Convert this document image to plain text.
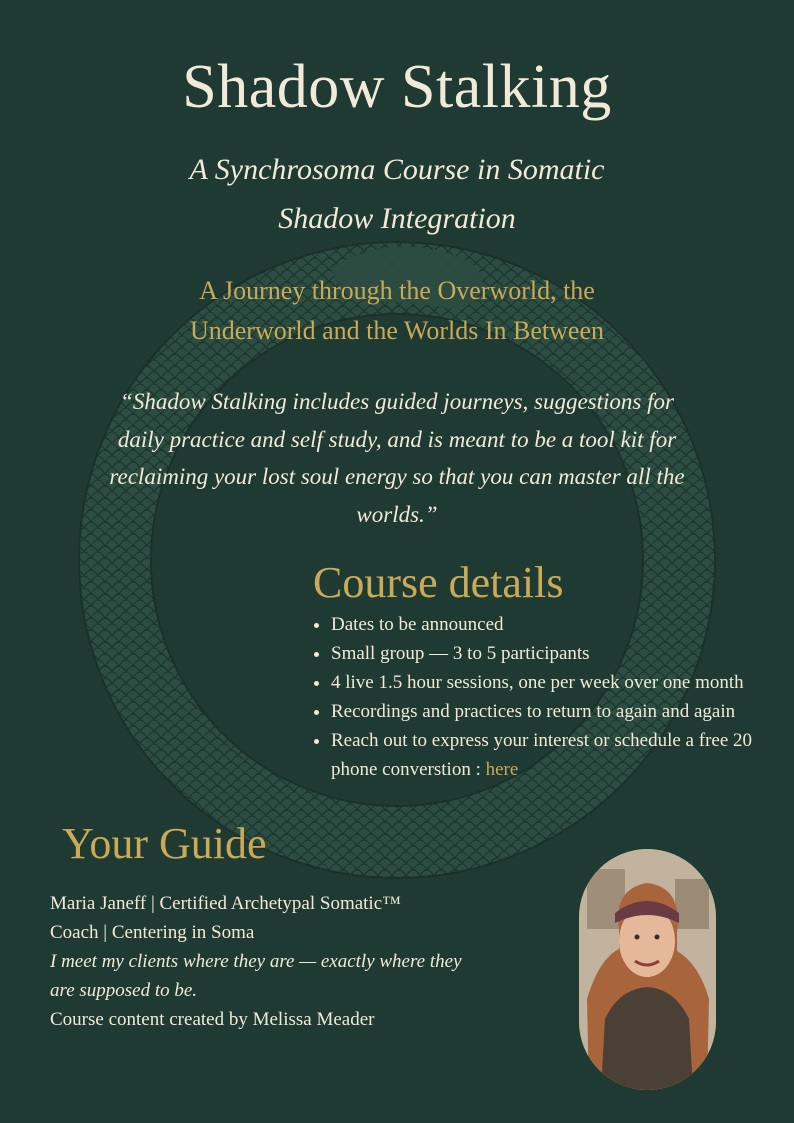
Shadow Stalking
A Synchrosoma Course in Somatic
Shadow Integration

A Journey through the Overworld, the
Underworld and the Worlds In Between

“Shadow Stalking includes guided journeys, suggestions for daily practice and self study, and is meant to be a tool kit for reclaiming your lost soul energy so that you can master all the worlds.”

Course details
• Dates to be announced
• Small group — 3 to 5 participants
• 4 live 1.5 hour sessions, one per week over one month
• Recordings and practices to return to again and again
• Reach out to express your interest or schedule a free 20 phone converstion : here
Your Guide
Maria Janeff | Certified Archetypal Somatic™
Coach | Centering in Soma
I meet my clients where they are — exactly where they are supposed to be.
Course content created by Melissa Meader
